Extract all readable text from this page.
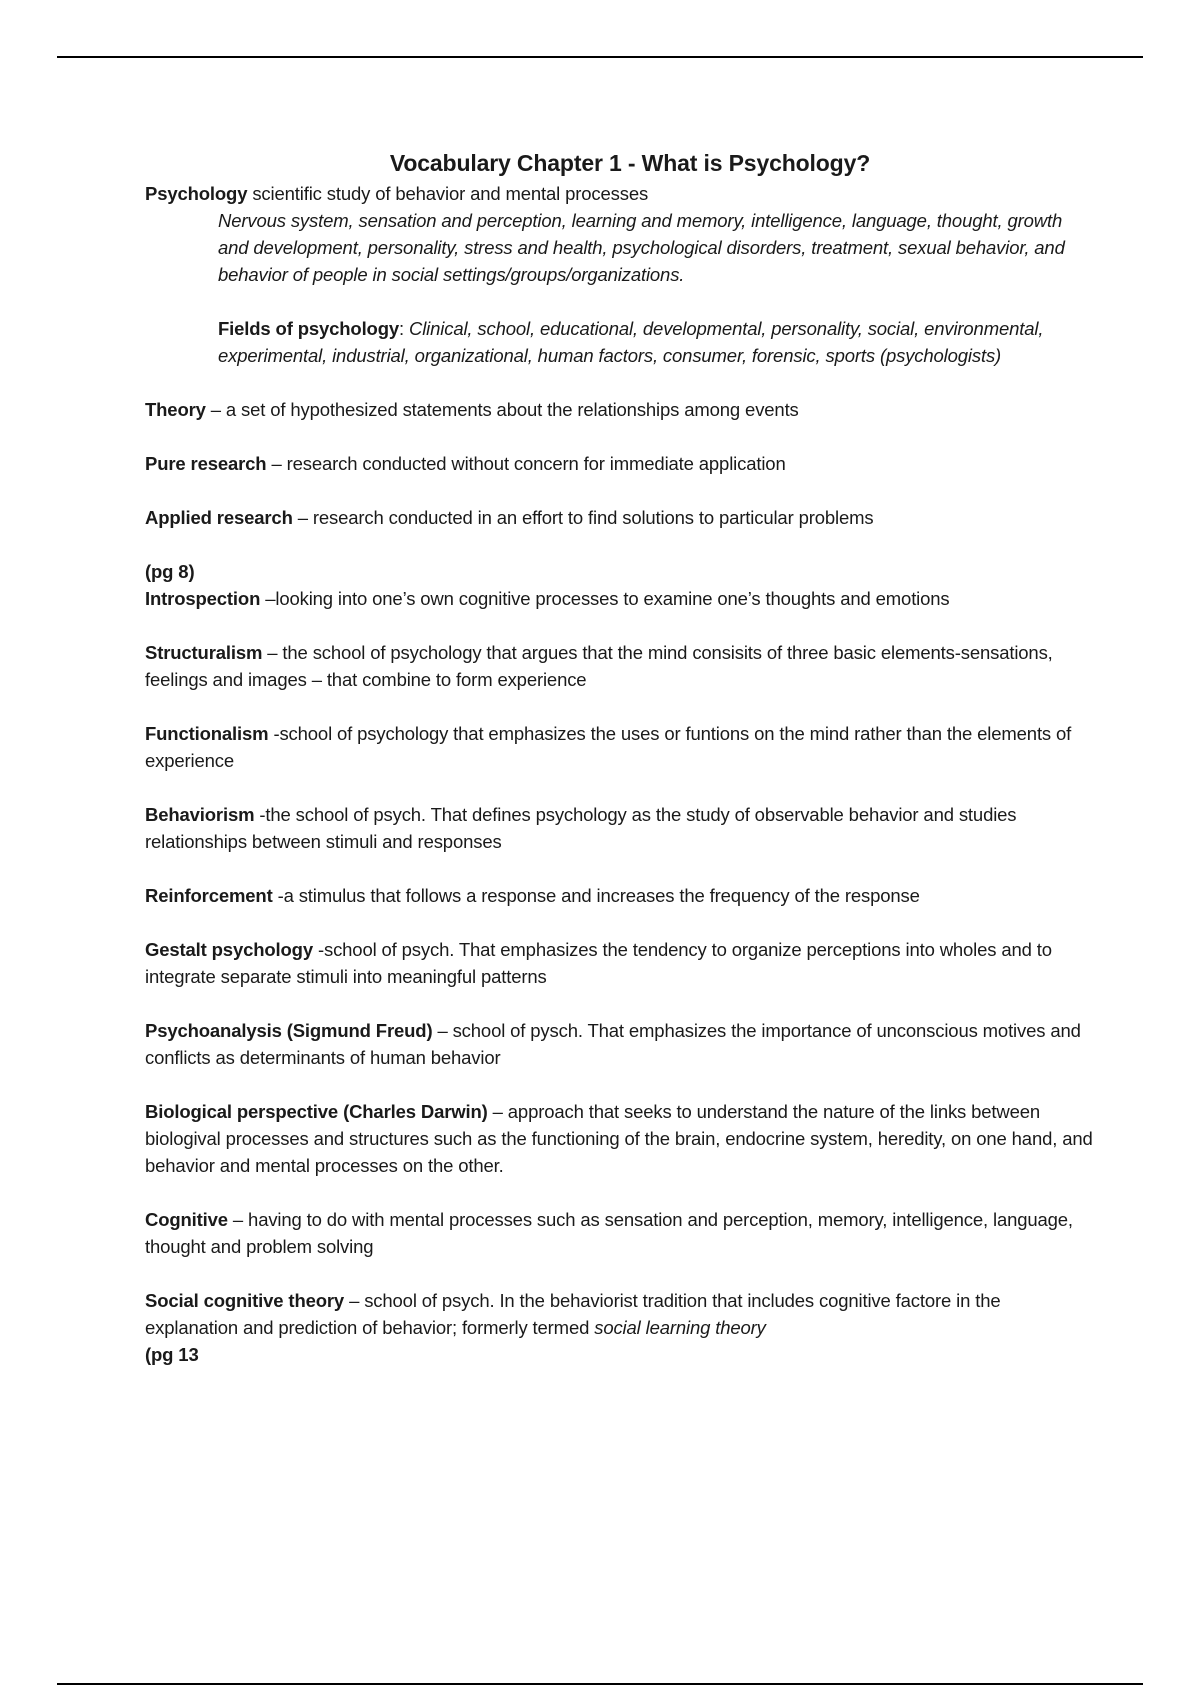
Vocabulary Chapter 1 - What is Psychology?

Psychology scientific study of behavior and mental processes

Nervous system, sensation and perception, learning and memory, intelligence, language, thought, growth and development, personality, stress and health, psychological disorders, treatment, sexual behavior, and behavior of people in social settings/groups/organizations.

Fields of psychology: Clinical, school, educational, developmental, personality, social, environmental, experimental, industrial, organizational, human factors, consumer, forensic, sports (psychologists)

Theory – a set of hypothesized statements about the relationships among events

Pure research – research conducted without concern for immediate application

Applied research – research conducted in an effort to find solutions to particular problems

(pg 8)

Introspection –looking into one’s own cognitive processes to examine one’s thoughts and emotions

Structuralism – the school of psychology that argues that the mind consisits of three basic elements-sensations, feelings and images – that combine to form experience

Functionalism -school of psychology that emphasizes the uses or funtions on the mind rather than the elements of experience

Behaviorism -the school of psych. That defines psychology as the study of observable behavior and studies relationships between stimuli and responses

Reinforcement -a stimulus that follows a response and increases the frequency of the response

Gestalt psychology -school of psych. That emphasizes the tendency to organize perceptions into wholes and to integrate separate stimuli into meaningful patterns

Psychoanalysis (Sigmund Freud) – school of pysch. That emphasizes the importance of unconscious motives and conflicts as determinants of human behavior

Biological perspective (Charles Darwin) – approach that seeks to understand the nature of the links between biologival processes and structures such as the functioning of the brain, endocrine system, heredity, on one hand, and behavior and mental processes on the other.

Cognitive – having to do with mental processes such as sensation and perception, memory, intelligence, language, thought and problem solving

Social cognitive theory – school of psych. In the behaviorist tradition that includes cognitive factore in the explanation and prediction of behavior; formerly termed social learning theory

(pg 13
